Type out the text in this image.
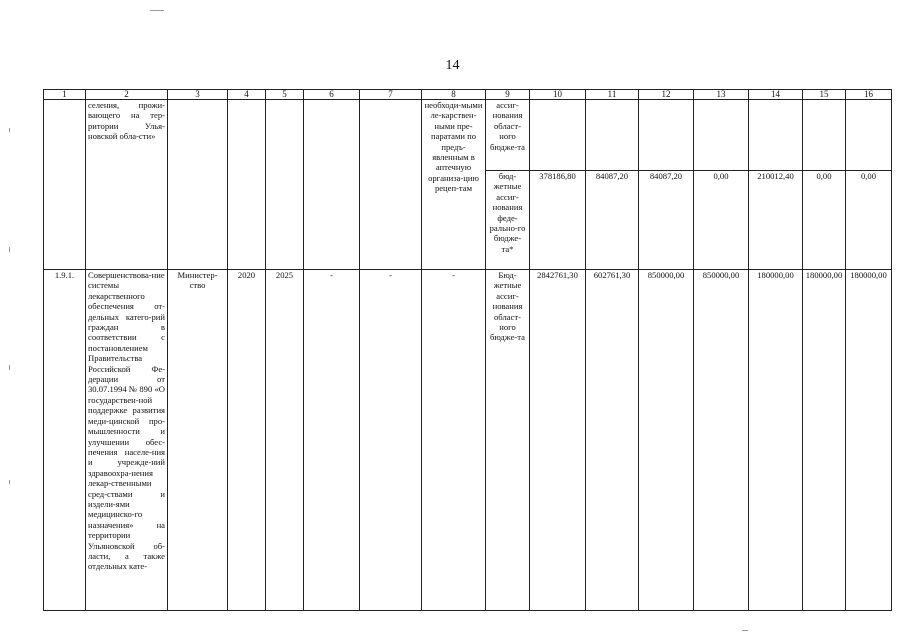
14
1	2	3	4	5	6	7	8	9	10	11	12	13	14	15	16
	селения, прожи-вающего на тер-ритории Улья-новской обла-сти»						необходи-мыми ле-карствен-ными пре-паратами по предъ-явленным в аптечную организа-цию рецеп-там	ассиг-нования област-ного бюдже-та							
								бюд-жетные ассиг-нования феде-рально-го бюдже-та*	378186,80	84087,20	84087,20	0,00	210012,40	0,00	0,00
1.9.1.	Совершенствова-ние системы лекарственного обеспечения от-дельных катего-рий граждан в соответствии с постановлением Правительства Российской Фе-дерации от 30.07.1994 № 890 «О государствен-ной поддержке развития меди-цинской про-мышленности и улучшении обес-печения населе-ния и учрежде-ний здравоохра-нения лекар-ственными сред-ствами и издели-ями медицинско-го назначения» на территории Ульяновской об-ласти, а также отдельных кате-	Министер-ство	2020	2025	-	-	-	Бюд-жетные ассиг-нования област-ного бюдже-та	2842761,30	602761,30	850000,00	850000,00	180000,00	180000,00	180000,00
